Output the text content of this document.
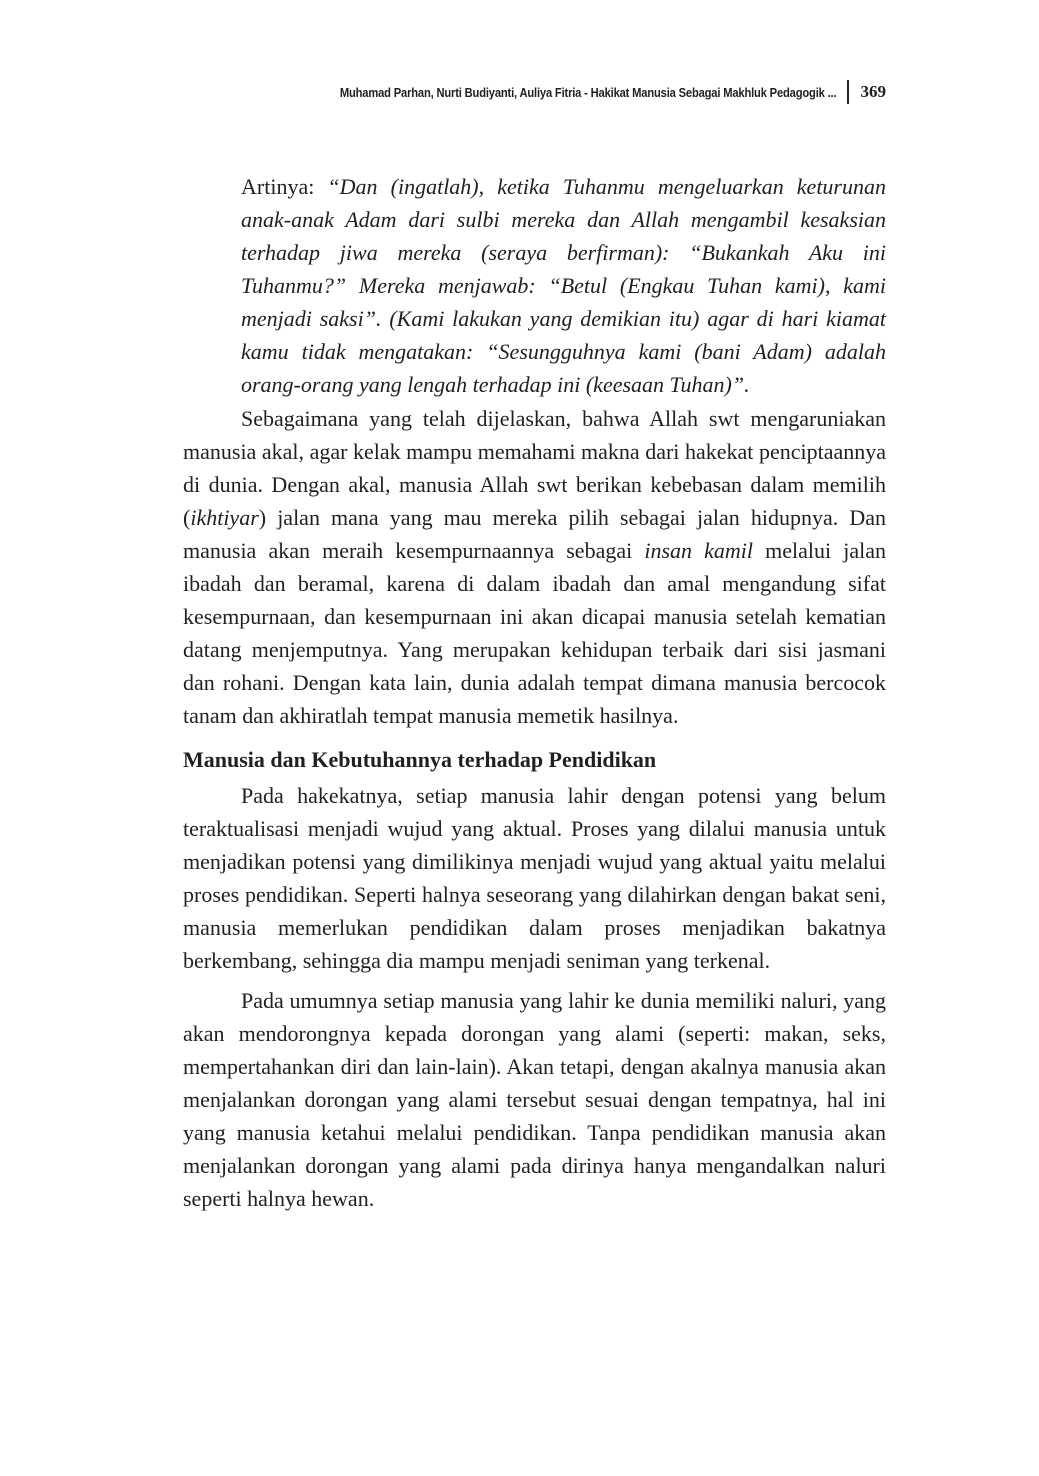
Muhamad Parhan, Nurti Budiyanti, Auliya Fitria - Hakikat Manusia Sebagai Makhluk Pedagogik ... 369

Artinya: “Dan (ingatlah), ketika Tuhanmu mengeluarkan keturunan anak-anak Adam dari sulbi mereka dan Allah mengambil kesaksian terhadap jiwa mereka (seraya berfirman): “Bukankah Aku ini Tuhanmu?” Mereka menjawab: “Betul (Engkau Tuhan kami), kami menjadi saksi”. (Kami lakukan yang demikian itu) agar di hari kiamat kamu tidak mengatakan: “Sesungguhnya kami (bani Adam) adalah orang-orang yang lengah terhadap ini (keesaan Tuhan)”.

Sebagaimana yang telah dijelaskan, bahwa Allah swt mengaruniakan manusia akal, agar kelak mampu memahami makna dari hakekat penciptaannya di dunia. Dengan akal, manusia Allah swt berikan kebebasan dalam memilih (ikhtiyar) jalan mana yang mau mereka pilih sebagai jalan hidupnya. Dan manusia akan meraih kesempurnaannya sebagai insan kamil melalui jalan ibadah dan beramal, karena di dalam ibadah dan amal mengandung sifat kesempurnaan, dan kesempurnaan ini akan dicapai manusia setelah kematian datang menjemputnya. Yang merupakan kehidupan terbaik dari sisi jasmani dan rohani. Dengan kata lain, dunia adalah tempat dimana manusia bercocok tanam dan akhiratlah tempat manusia memetik hasilnya.

Manusia dan Kebutuhannya terhadap Pendidikan

Pada hakekatnya, setiap manusia lahir dengan potensi yang belum teraktualisasi menjadi wujud yang aktual. Proses yang dilalui manusia untuk menjadikan potensi yang dimilikinya menjadi wujud yang aktual yaitu melalui proses pendidikan. Seperti halnya seseorang yang dilahirkan dengan bakat seni, manusia memerlukan pendidikan dalam proses menjadikan bakatnya berkembang, sehingga dia mampu menjadi seniman yang terkenal.

Pada umumnya setiap manusia yang lahir ke dunia memiliki naluri, yang akan mendorongnya kepada dorongan yang alami (seperti: makan, seks, mempertahankan diri dan lain-lain). Akan tetapi, dengan akalnya manusia akan menjalankan dorongan yang alami tersebut sesuai dengan tempatnya, hal ini yang manusia ketahui melalui pendidikan. Tanpa pendidikan manusia akan menjalankan dorongan yang alami pada dirinya hanya mengandalkan naluri seperti halnya hewan.
